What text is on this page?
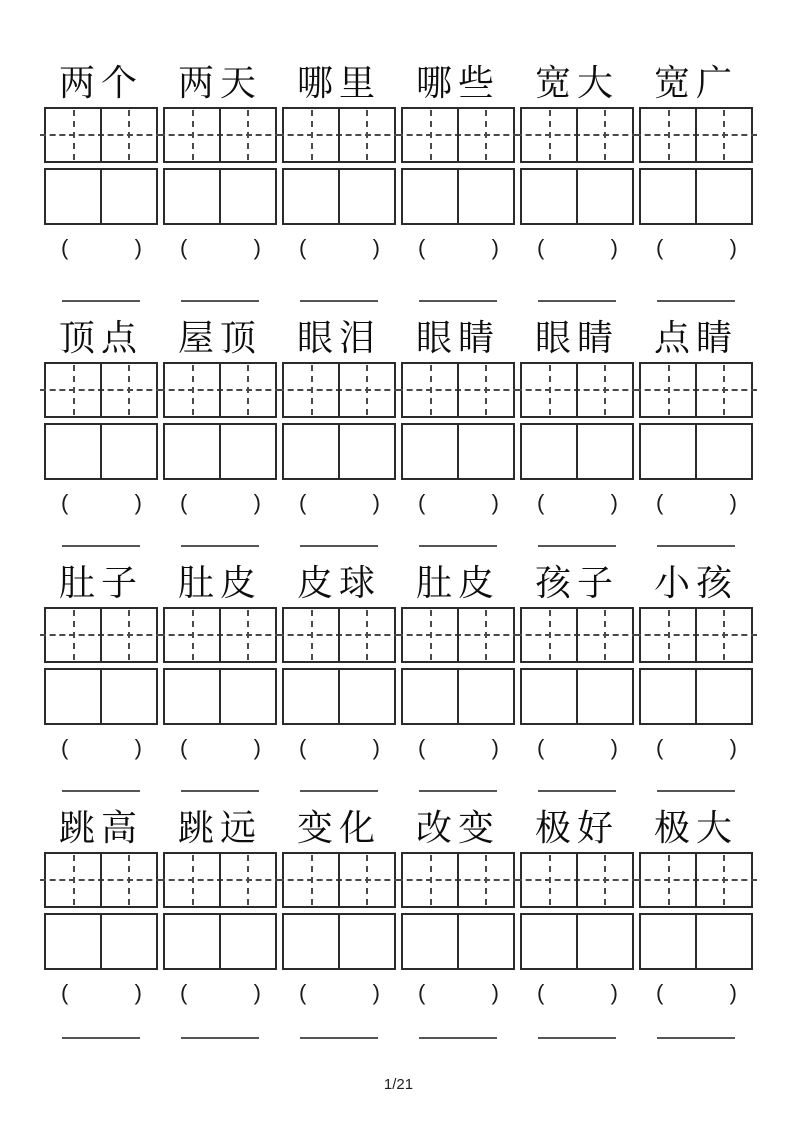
两个
(	)
两天
(	)
哪里
(	)
哪些
(	)
宽大
(	)
宽广
(	)
顶点
(	)
屋顶
(	)
眼泪
(	)
眼睛
(	)
眼睛
(	)
点睛
(	)
肚子
(	)
肚皮
(	)
皮球
(	)
肚皮
(	)
孩子
(	)
小孩
(	)
跳高
(	)
跳远
(	)
变化
(	)
改变
(	)
极好
(	)
极大
(	)
1/21
